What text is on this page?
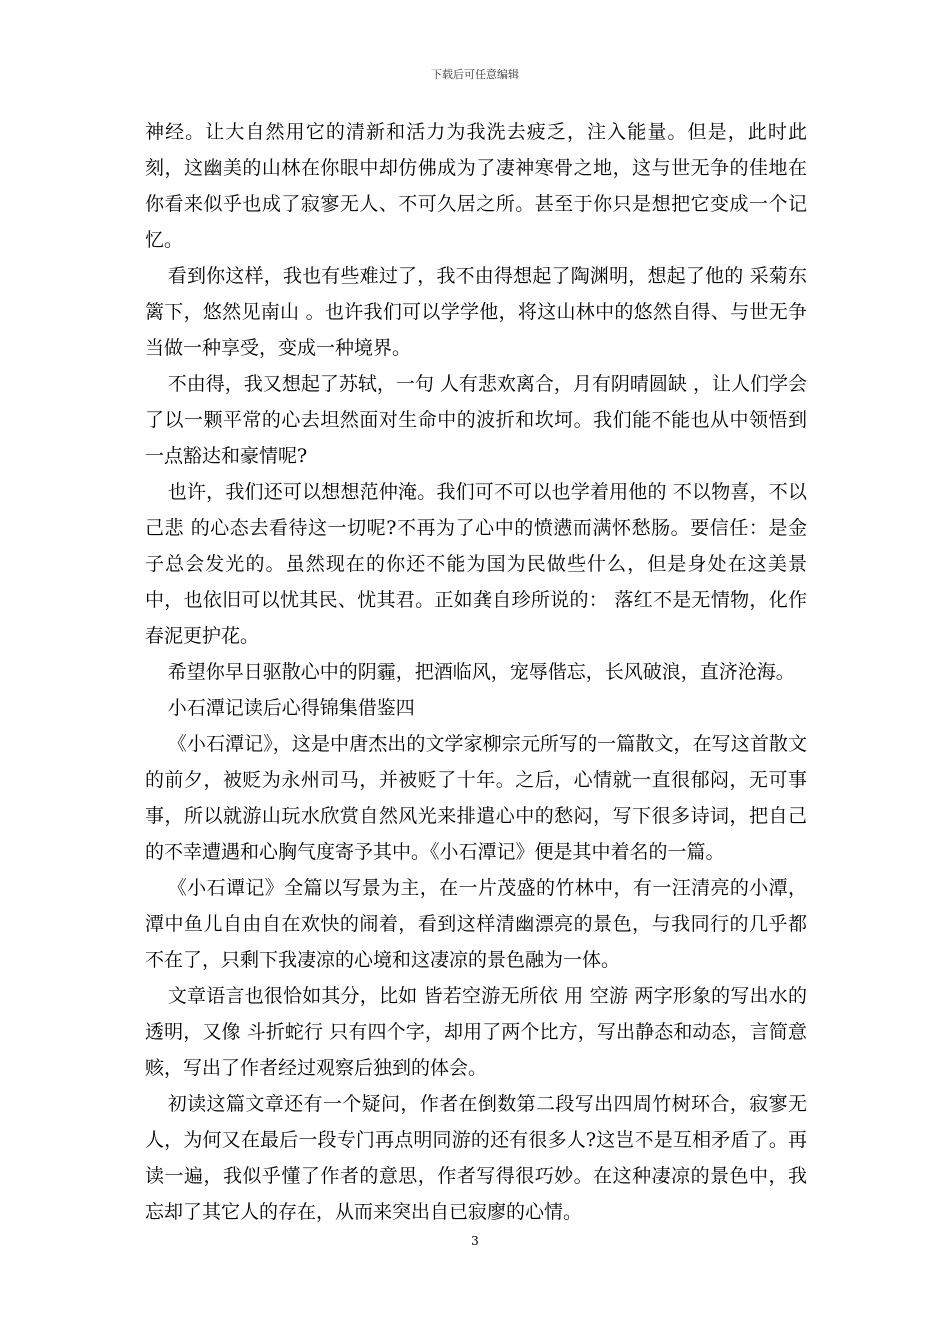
下载后可任意编辑

神经。让大自然用它的清新和活力为我洗去疲乏，注入能量。但是，此时此刻，这幽美的山林在你眼中却仿佛成为了凄神寒骨之地，这与世无争的佳地在你看来似乎也成了寂寥无人、不可久居之所。甚至于你只是想把它变成一个记忆。

看到你这样，我也有些难过了，我不由得想起了陶渊明，想起了他的 采菊东篱下，悠然见南山 。也许我们可以学学他，将这山林中的悠然自得、与世无争当做一种享受，变成一种境界。

不由得，我又想起了苏轼，一句 人有悲欢离合，月有阴晴圆缺 ，让人们学会了以一颗平常的心去坦然面对生命中的波折和坎坷。我们能不能也从中领悟到一点豁达和豪情呢?

也许，我们还可以想想范仲淹。我们可不可以也学着用他的 不以物喜，不以己悲 的心态去看待这一切呢?不再为了心中的愤懑而满怀愁肠。要信任：是金子总会发光的。虽然现在的你还不能为国为民做些什么，但是身处在这美景中，也依旧可以忧其民、忧其君。正如龚自珍所说的： 落红不是无情物，化作春泥更护花。

希望你早日驱散心中的阴霾，把酒临风，宠辱偕忘，长风破浪，直济沧海。

小石潭记读后心得锦集借鉴四

《小石潭记》，这是中唐杰出的文学家柳宗元所写的一篇散文，在写这首散文的前夕，被贬为永州司马，并被贬了十年。之后，心情就一直很郁闷，无可事事，所以就游山玩水欣赏自然风光来排遣心中的愁闷，写下很多诗词，把自己的不幸遭遇和心胸气度寄予其中。《小石潭记》便是其中着名的一篇。

《小石谭记》全篇以写景为主，在一片茂盛的竹林中，有一汪清亮的小潭，潭中鱼儿自由自在欢快的闹着，看到这样清幽漂亮的景色，与我同行的几乎都不在了，只剩下我凄凉的心境和这凄凉的景色融为一体。

文章语言也很恰如其分，比如 皆若空游无所依 用 空游 两字形象的写出水的透明，又像 斗折蛇行 只有四个字，却用了两个比方，写出静态和动态，言简意赅，写出了作者经过观察后独到的体会。

初读这篇文章还有一个疑问，作者在倒数第二段写出四周竹树环合，寂寥无人，为何又在最后一段专门再点明同游的还有很多人?这岂不是互相矛盾了。再读一遍，我似乎懂了作者的意思，作者写得很巧妙。在这种凄凉的景色中，我忘却了其它人的存在，从而来突出自已寂廖的心情。

3
